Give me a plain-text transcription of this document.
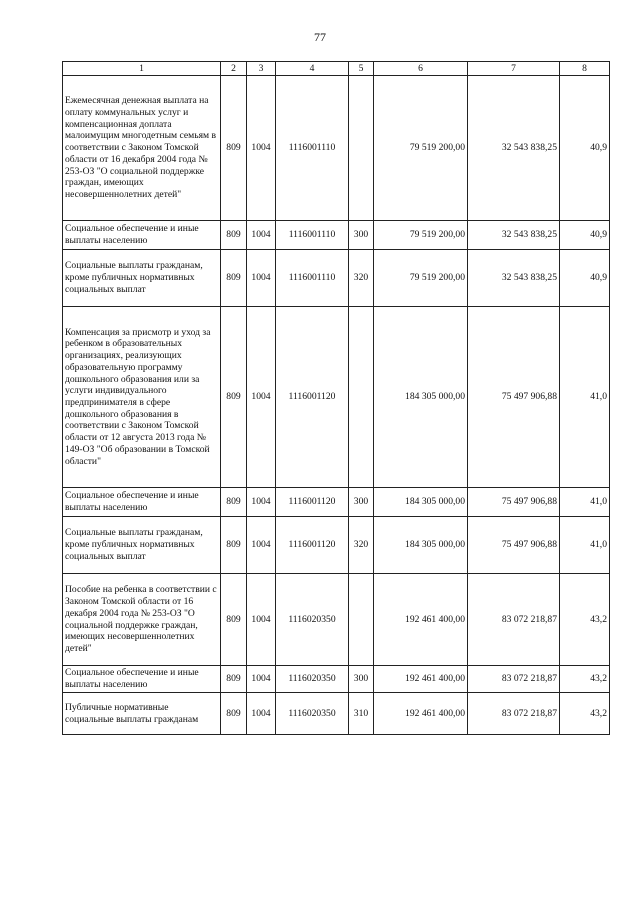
77
1	2	3	4	5	6	7	8
Ежемесячная денежная выплата на оплату коммунальных услуг и компенсационная доплата малоимущим многодетным семьям в соответствии с Законом Томской области от 16 декабря 2004 года № 253-ОЗ "О социальной поддержке граждан, имеющих несовершеннолетних детей"	809	1004	1116001110		79 519 200,00	32 543 838,25	40,9
Социальное обеспечение и иные выплаты населению	809	1004	1116001110	300	79 519 200,00	32 543 838,25	40,9
Социальные выплаты гражданам, кроме публичных нормативных социальных выплат	809	1004	1116001110	320	79 519 200,00	32 543 838,25	40,9
Компенсация за присмотр и уход за ребенком в образовательных организациях, реализующих образовательную программу дошкольного образования или за услуги индивидуального предпринимателя в сфере дошкольного образования в соответствии с Законом Томской области от 12 августа 2013 года № 149-ОЗ "Об образовании в Томской области"	809	1004	1116001120		184 305 000,00	75 497 906,88	41,0
Социальное обеспечение и иные выплаты населению	809	1004	1116001120	300	184 305 000,00	75 497 906,88	41,0
Социальные выплаты гражданам, кроме публичных нормативных социальных выплат	809	1004	1116001120	320	184 305 000,00	75 497 906,88	41,0
Пособие на ребенка в соответствии с Законом Томской области от 16 декабря 2004 года № 253-ОЗ "О социальной поддержке граждан, имеющих несовершеннолетних детей"	809	1004	1116020350		192 461 400,00	83 072 218,87	43,2
Социальное обеспечение и иные выплаты населению	809	1004	1116020350	300	192 461 400,00	83 072 218,87	43,2
Публичные нормативные социальные выплаты гражданам	809	1004	1116020350	310	192 461 400,00	83 072 218,87	43,2
